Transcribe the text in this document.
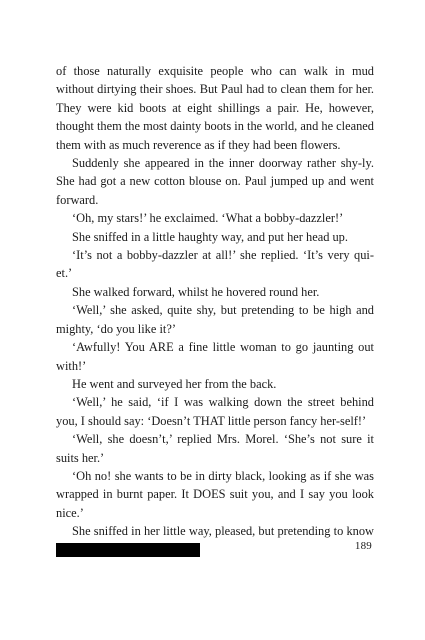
of those naturally exquisite people who can walk in mud without dirtying their shoes. But Paul had to clean them for her. They were kid boots at eight shillings a pair. He, however, thought them the most dainty boots in the world, and he cleaned them with as much reverence as if they had been flowers.

Suddenly she appeared in the inner doorway rather shy-ly. She had got a new cotton blouse on. Paul jumped up and went forward.

‘Oh, my stars!’ he exclaimed. ‘What a bobby-dazzler!’

She sniffed in a little haughty way, and put her head up.

‘It’s not a bobby-dazzler at all!’ she replied. ‘It’s very qui-et.’

She walked forward, whilst he hovered round her.

‘Well,’ she asked, quite shy, but pretending to be high and mighty, ‘do you like it?’

‘Awfully! You ARE a fine little woman to go jaunting out with!’

He went and surveyed her from the back.

‘Well,’ he said, ‘if I was walking down the street behind you, I should say: ‘Doesn’t THAT little person fancy her-self!’

‘Well, she doesn’t,’ replied Mrs. Morel. ‘She’s not sure it suits her.’

‘Oh no! she wants to be in dirty black, looking as if she was wrapped in burnt paper. It DOES suit you, and I say you look nice.’

She sniffed in her little way, pleased, but pretending to know

189
